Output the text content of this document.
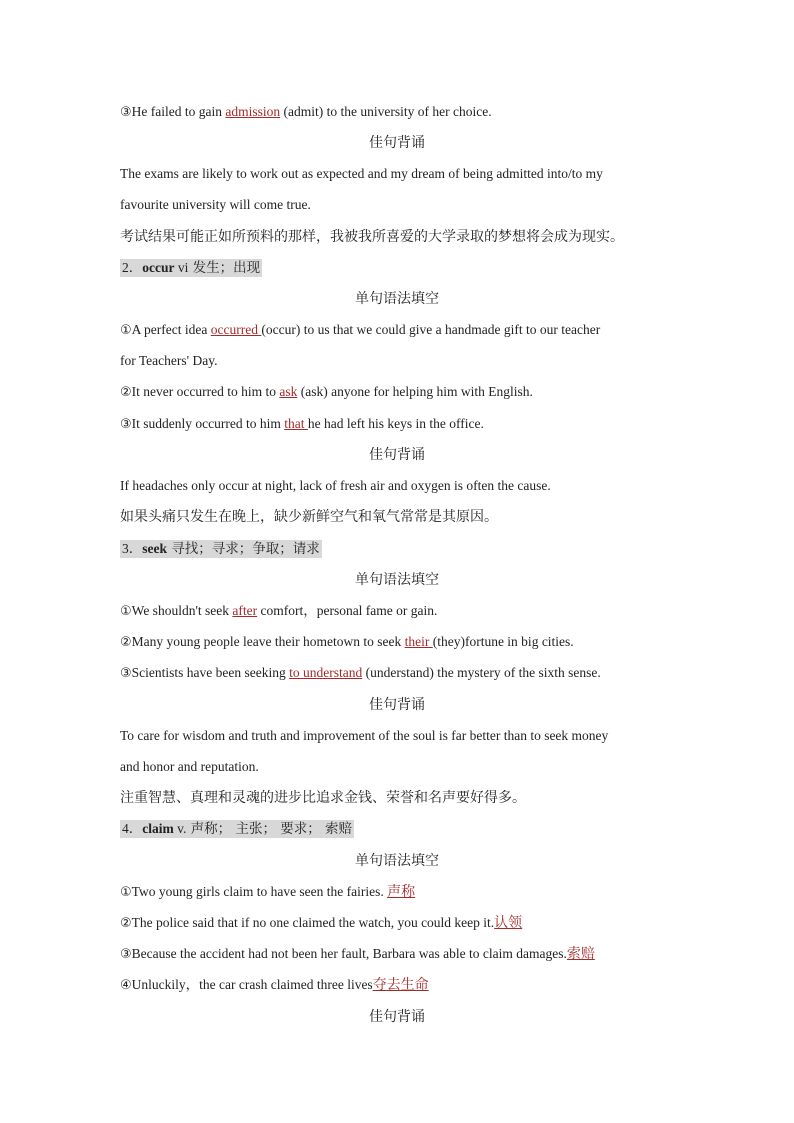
③He failed to gain admission (admit) to the university of her choice.
佳句背诵
The exams are likely to work out as expected and my dream of being admitted into/to my
favourite university will come true.
考试结果可能正如所预料的那样，我被我所喜爱的大学录取的梦想将会成为现实。
2．occur vi 发生；出现
单句语法填空
①A perfect idea occurred (occur) to us that we could give a handmade gift to our teacher
for Teachers' Day.
②It never occurred to him to ask (ask) anyone for helping him with English.
③It suddenly occurred to him that he had left his keys in the office.
佳句背诵
If headaches only occur at night, lack of fresh air and oxygen is often the cause.
如果头痛只发生在晚上，缺少新鲜空气和氧气常常是其原因。
3．seek 寻找；寻求；争取；请求
单句语法填空
①We shouldn't seek after comfort，personal fame or gain.
②Many young people leave their hometown to seek their (they)fortune in big cities.
③Scientists have been seeking to understand (understand) the mystery of the sixth sense.
佳句背诵
To care for wisdom and truth and improvement of the soul is far better than to seek money
and honor and reputation.
注重智慧、真理和灵魂的进步比追求金钱、荣誉和名声要好得多。
4．claim v. 声称； 主张； 要求； 索赔
单句语法填空
①Two young girls claim to have seen the fairies. 声称
②The police said that if no one claimed the watch, you could keep it.认领
③Because the accident had not been her fault, Barbara was able to claim damages.索赔
④Unluckily，the car crash claimed three lives夺去生命
佳句背诵
